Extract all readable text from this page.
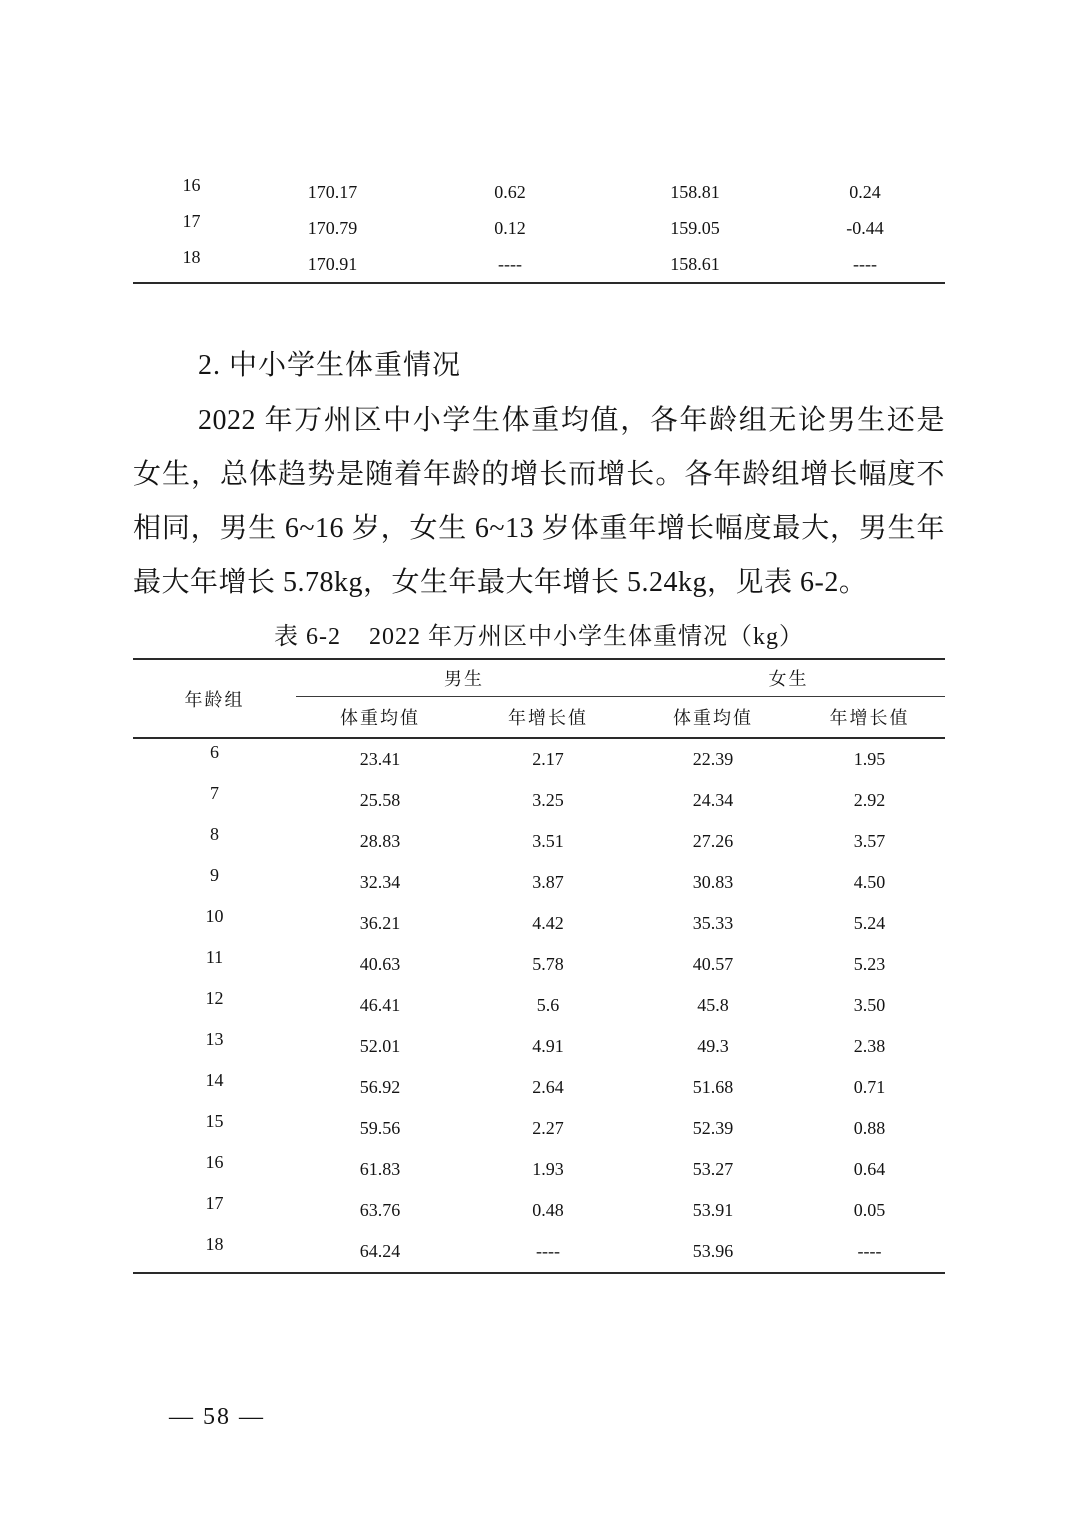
16	170.17	0.62	158.81	0.24
17	170.79	0.12	159.05	-0.44
18	170.91	----	158.61	----
2. 中小学生体重情况

2022 年万州区中小学生体重均值，各年龄组无论男生还是女生，总体趋势是随着年龄的增长而增长。各年龄组增长幅度不相同，男生 6~16 岁，女生 6~13 岁体重年增长幅度最大，男生年最大年增长 5.78kg，女生年最大年增长 5.24kg，见表 6-2。

表 6-2 2022 年万州区中小学生体重情况（kg）
年龄组	男生		女生	
	体重均值	年增长值	体重均值	年增长值
6	23.41	2.17	22.39	1.95
7	25.58	3.25	24.34	2.92
8	28.83	3.51	27.26	3.57
9	32.34	3.87	30.83	4.50
10	36.21	4.42	35.33	5.24
11	40.63	5.78	40.57	5.23
12	46.41	5.6	45.8	3.50
13	52.01	4.91	49.3	2.38
14	56.92	2.64	51.68	0.71
15	59.56	2.27	52.39	0.88
16	61.83	1.93	53.27	0.64
17	63.76	0.48	53.91	0.05
18	64.24	----	53.96	----
— 58 —
